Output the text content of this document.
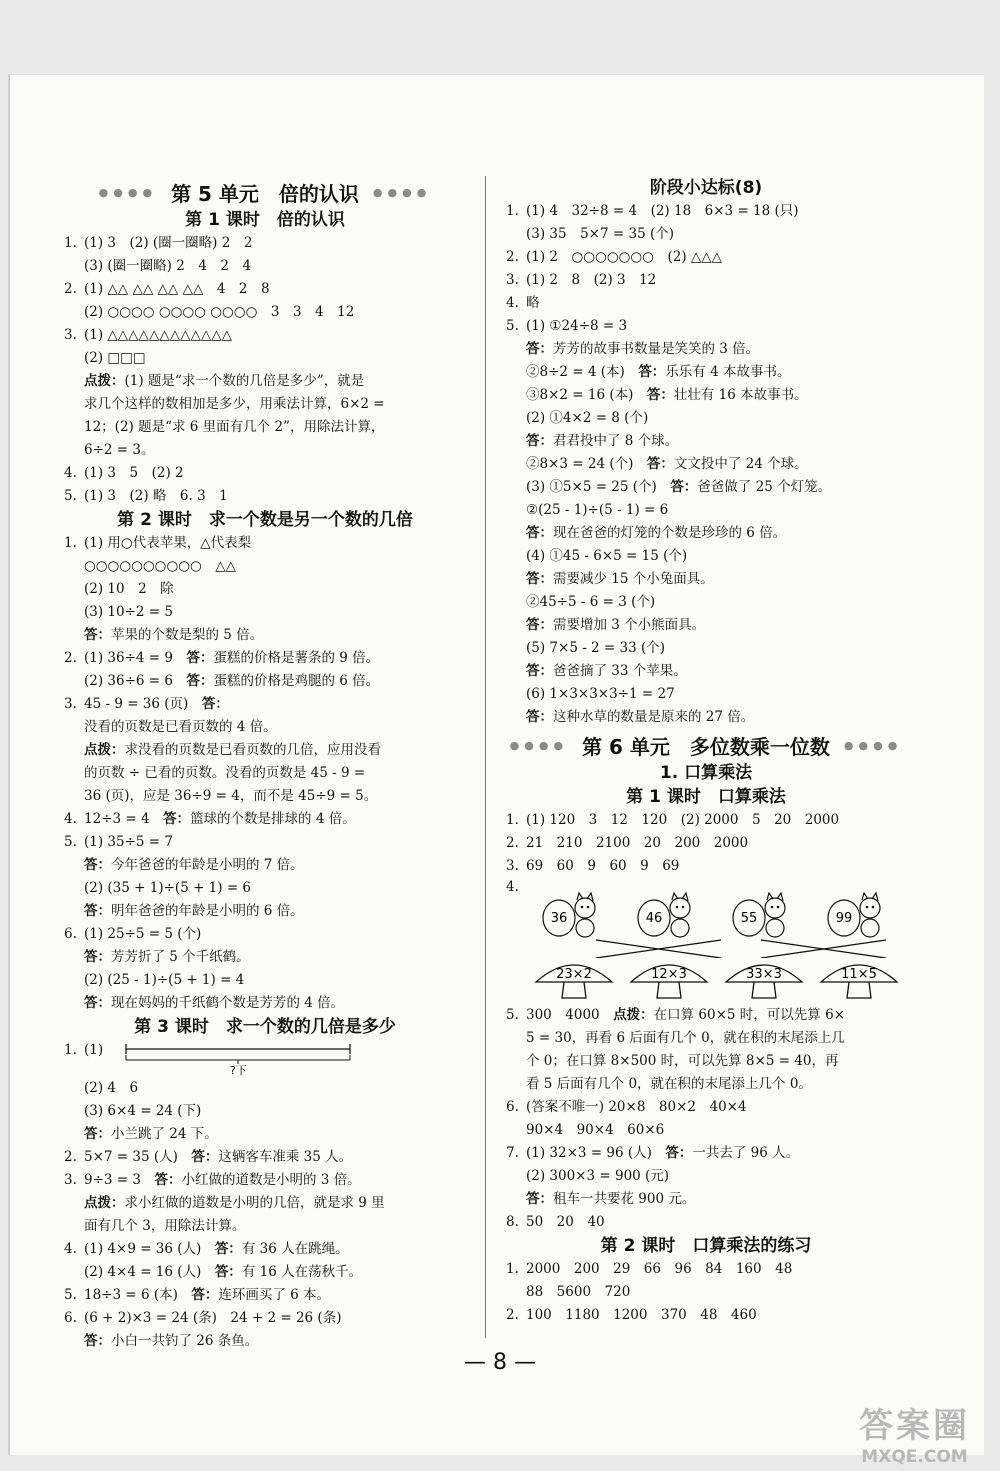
●●●● 第 5 单元　倍的认识 ●●●●
第 1 课时　倍的认识
1. (1) 3　(2) (圈一圈略) 2　2
(3) (圈一圈略) 2　4　2　4
2. (1) △△ △△ △△ △△　4　2　8
(2) ○○○○ ○○○○ ○○○○　3　3　4　12
3. (1) △△△△△△△△△△△△
(2) □□□
点拨：(1) 题是“求一个数的几倍是多少”，就是
求几个这样的数相加是多少，用乘法计算，6×2 =
12；(2) 题是“求 6 里面有几个 2”，用除法计算，
6÷2 = 3。
4. (1) 3　5　(2) 2
5. (1) 3　(2) 略　6. 3　1
第 2 课时　求一个数是另一个数的几倍
1. (1) 用○代表苹果，△代表梨
○○○○○○○○○○　△△
(2) 10　2　除
(3) 10÷2 = 5
答：苹果的个数是梨的 5 倍。
2. (1) 36÷4 = 9　答：蛋糕的价格是薯条的 9 倍。
(2) 36÷6 = 6　答：蛋糕的价格是鸡腿的 6 倍。
3. 45 - 9 = 36 (页)　答：
没看的页数是已看页数的 4 倍。
点拨：求没看的页数是已看页数的几倍，应用没看
的页数 ÷ 已看的页数。没看的页数是 45 - 9 =
36 (页)，应是 36÷9 = 4，而不是 45÷9 = 5。
4. 12÷3 = 4　答：篮球的个数是排球的 4 倍。
5. (1) 35÷5 = 7
答：今年爸爸的年龄是小明的 7 倍。
(2) (35 + 1)÷(5 + 1) = 6
答：明年爸爸的年龄是小明的 6 倍。
6. (1) 25÷5 = 5 (个)
答：芳芳折了 5 个千纸鹤。
(2) (25 - 1)÷(5 + 1) = 4
答：现在妈妈的千纸鹤个数是芳芳的 4 倍。
第 3 课时　求一个数的几倍是多少
1. (1)
?下
(2) 4　6
(3) 6×4 = 24 (下)
答：小兰跳了 24 下。
2. 5×7 = 35 (人)　答：这辆客车准乘 35 人。
3. 9÷3 = 3　答：小红做的道数是小明的 3 倍。
点拨：求小红做的道数是小明的几倍，就是求 9 里
面有几个 3，用除法计算。
4. (1) 4×9 = 36 (人)　答：有 36 人在跳绳。
(2) 4×4 = 16 (人)　答：有 16 人在荡秋千。
5. 18÷3 = 6 (本)　答：连环画买了 6 本。
6. (6 + 2)×3 = 24 (条)　24 + 2 = 26 (条)
答：小白一共钓了 26 条鱼。
阶段小达标(8)
1. (1) 4　32÷8 = 4　(2) 18　6×3 = 18 (只)
(3) 35　5×7 = 35 (个)
2. (1) 2　○○○○○○○　(2) △△△
3. (1) 2　8　(2) 3　12
4. 略
5. (1) ①24÷8 = 3
答：芳芳的故事书数量是笑笑的 3 倍。
②8÷2 = 4 (本)　答：乐乐有 4 本故事书。
③8×2 = 16 (本)　答：壮壮有 16 本故事书。
(2) ①4×2 = 8 (个)
答：君君投中了 8 个球。
②8×3 = 24 (个)　答：文文投中了 24 个球。
(3) ①5×5 = 25 (个)　答：爸爸做了 25 个灯笼。
②(25 - 1)÷(5 - 1) = 6
答：现在爸爸的灯笼的个数是珍珍的 6 倍。
(4) ①45 - 6×5 = 15 (个)
答：需要减少 15 个小兔面具。
②45÷5 - 6 = 3 (个)
答：需要增加 3 个小熊面具。
(5) 7×5 - 2 = 33 (个)
答：爸爸摘了 33 个苹果。
(6) 1×3×3×3÷1 = 27
答：这种水草的数量是原来的 27 倍。
●●●● 第 6 单元　多位数乘一位数 ●●●●
1. 口算乘法
第 1 课时　口算乘法
1. (1) 120　3　12　120　(2) 2000　5　20　2000
2. 21　210　2100　20　200　2000
3. 69　60　9　60　9　69
4.
36	46	55	99
23×2	12×3	33×3	11×5
5. 300　4000　点拨：在口算 60×5 时，可以先算 6×
5 = 30，再看 6 后面有几个 0，就在积的末尾添上几
个 0；在口算 8×500 时，可以先算 8×5 = 40，再
看 5 后面有几个 0，就在积的末尾添上几个 0。
6. (答案不唯一) 20×8　80×2　40×4
90×4　90×4　60×6
7. (1) 32×3 = 96 (人)　答：一共去了 96 人。
(2) 300×3 = 900 (元)
答：租车一共要花 900 元。
8. 50　20　40
第 2 课时　口算乘法的练习
1. 2000　200　29　66　96　84　160　48
88　5600　720
2. 100　1180　1200　370　48　460
— 8 —
答案圈
MXQE.COM
